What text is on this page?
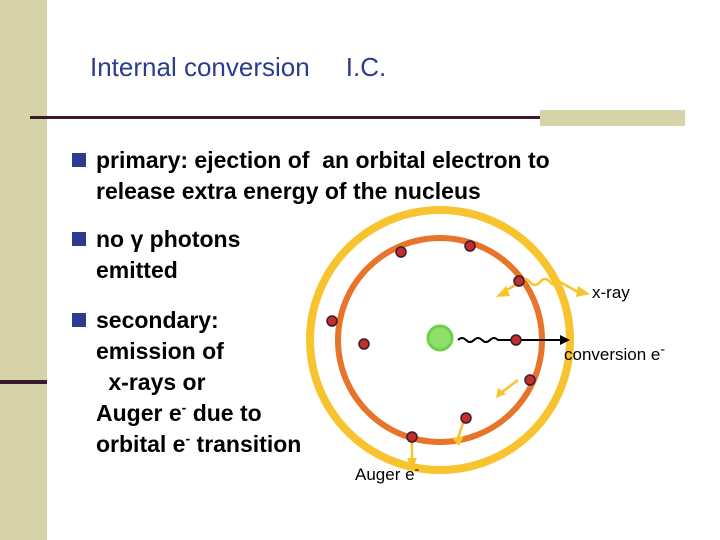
Internal conversion     I.C.
primary: ejection of  an orbital electron to
release extra energy of the nucleus
no γ photons
emitted
secondary:
emission of
x-rays or
Auger e- due to
orbital e- transition
x-ray
conversion e-
Auger e-
